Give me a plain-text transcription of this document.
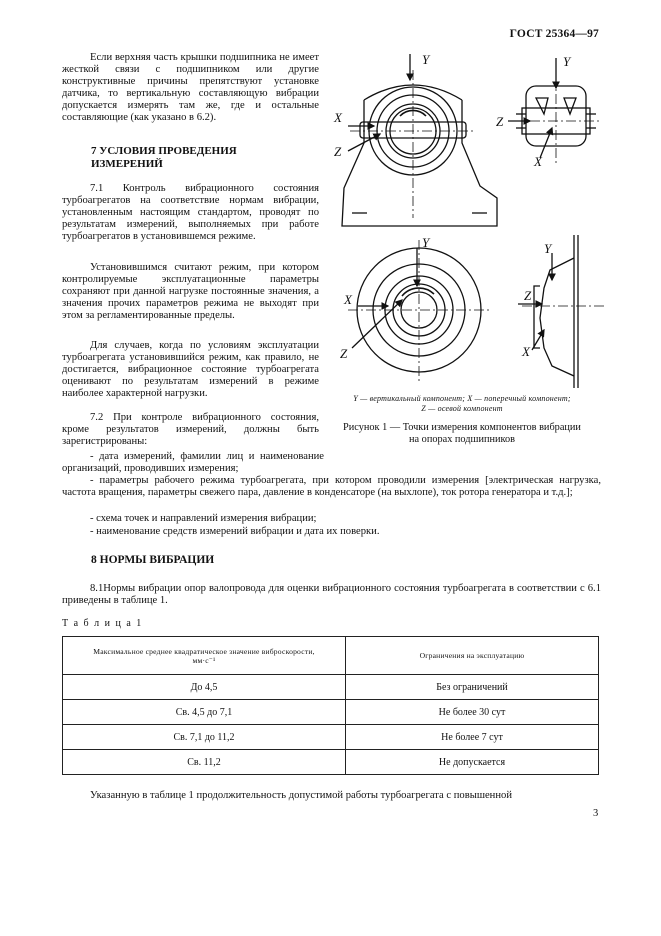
ГОСТ 25364—97
Если верхняя часть крышки подшипника не имеет жесткой связи с подшипником или другие конструктивные причины препятствуют установке датчика, то вертикальную составляющую вибрации допускается измерять там же, где и остальные составляющие (как указано в 6.2).
7 УСЛОВИЯ ПРОВЕДЕНИЯ
ИЗМЕРЕНИЙ
7.1 Контроль вибрационного состояния турбоагрегатов на соответствие нормам вибрации, установленным настоящим стандартом, проводят по результатам измерений, выполняемых при работе турбоагрегатов в установившемся режиме.
Установившимся считают режим, при котором контролируемые эксплуатационные параметры сохраняют при данной нагрузке постоянные значения, а значения прочих параметров режима не выходят при этом за регламентированные пределы.
Для случаев, когда по условиям эксплуатации турбоагрегата установившийся режим, как правило, не достигается, вибрационное состояние турбоагрегата оценивают по результатам измерений в режиме наиболее характерной нагрузки.
7.2 При контроле вибрационного состояния, кроме результатов измерений, должны быть зарегистрированы:
- дата измерений, фамилии лиц и наименование организаций, проводивших измерения;
Y
X
Z
Y
Z
X
Y
X
Z
Y
Z
X
Y — вертикальный компонент; X — поперечный компонент;
Z — осевой компонент
Рисунок 1 — Точки измерения компонентов вибрации
на опорах подшипников
- параметры рабочего режима турбоагрегата, при котором проводили измерения [электрическая нагрузка, частота вращения, параметры свежего пара, давление в конденсаторе (на выхлопе), ток ротора генератора и т.д.];
- схема точек и направлений измерения вибрации;
- наименование средств измерений вибрации и дата их поверки.
8 НОРМЫ ВИБРАЦИИ
8.1Нормы вибрации опор валопровода для оценки вибрационного состояния турбоагрегата в соответствии с 6.1 приведены в таблице 1.
Т а б л и ц а 1
Максимальное среднее квадратическое значение виброскорости,
мм·с⁻¹	Ограничения на эксплуатацию
До 4,5	Без ограничений
Св. 4,5 до 7,1	Не более 30 сут
Св. 7,1 до 11,2	Не более 7 сут
Св. 11,2	Не допускается
Указанную в таблице 1 продолжительность допустимой работы турбоагрегата с повышенной
3
